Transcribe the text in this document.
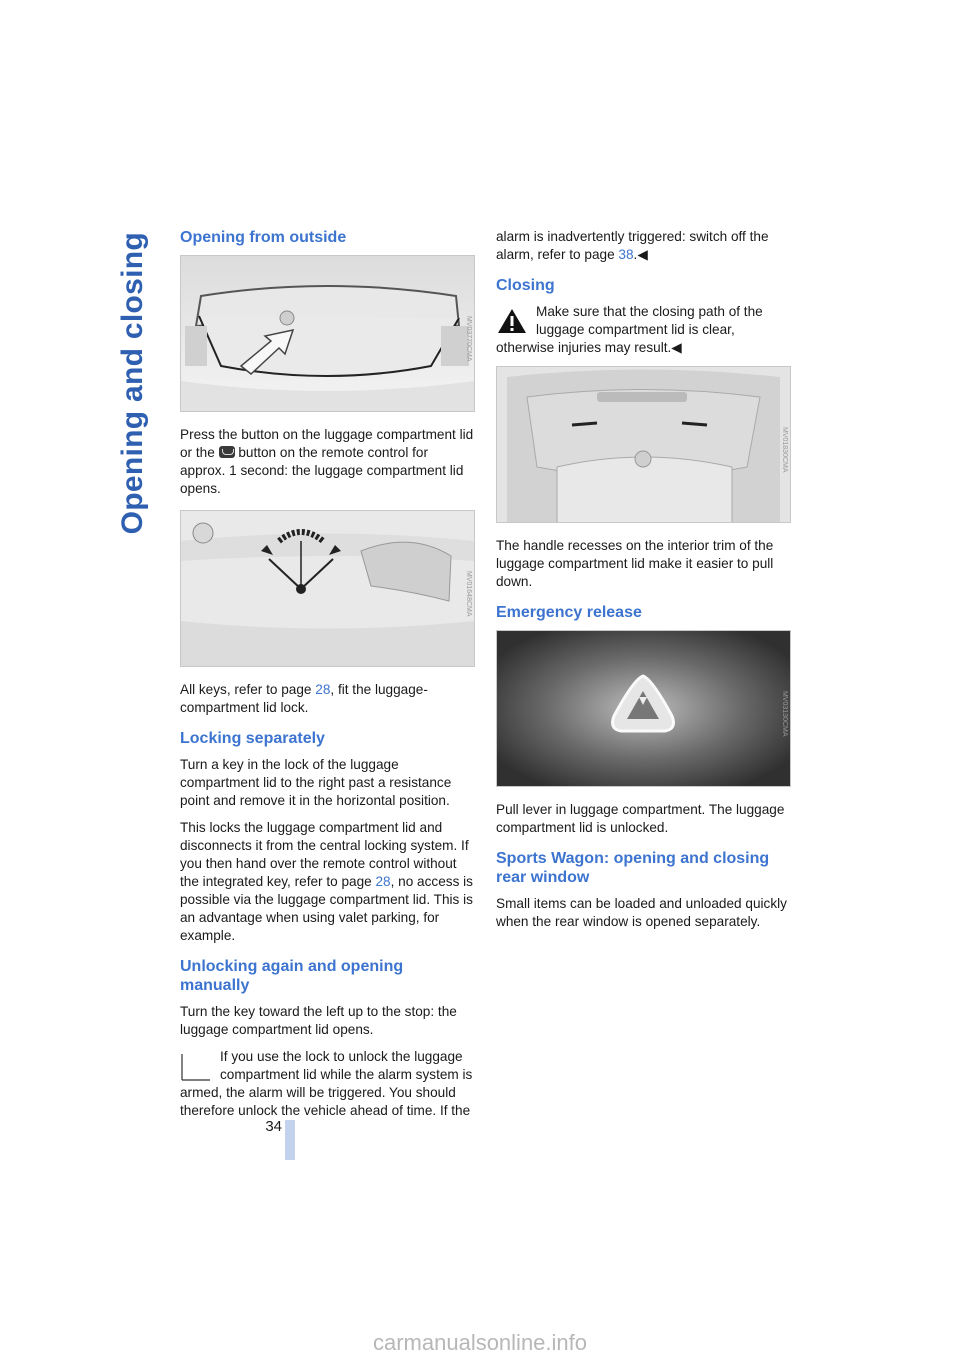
Opening and closing
34
Opening from outside
MV03770CMA

Press the button on the luggage compartment lid or the button on the remote control for approx. 1 second: the luggage compartment lid opens.

MV01648CMA

All keys, refer to page 28, fit the luggage-compartment lid lock.

Locking separately

Turn a key in the lock of the luggage compartment lid to the right past a resistance point and remove it in the horizontal position.

This locks the luggage compartment lid and disconnects it from the central locking system. If you then hand over the remote control without the integrated key, refer to page 28, no access is possible via the luggage compartment lid. This is an advantage when using valet parking, for example.

Unlocking again and opening manually

Turn the key toward the left up to the stop: the luggage compartment lid opens.

If you use the lock to unlock the luggage compartment lid while the alarm system is armed, the alarm will be triggered. You should therefore unlock the vehicle ahead of time. If the

alarm is inadvertently triggered: switch off the alarm, refer to page 38.◀

Closing

Make sure that the closing path of the luggage compartment lid is clear, otherwise injuries may result.◀

MV01830CMA

The handle recesses on the interior trim of the luggage compartment lid make it easier to pull down.

Emergency release
MV03130CMA

Pull lever in luggage compartment. The luggage compartment lid is unlocked.

Sports Wagon: opening and closing rear window

Small items can be loaded and unloaded quickly when the rear window is opened separately.

carmanualsonline.info
